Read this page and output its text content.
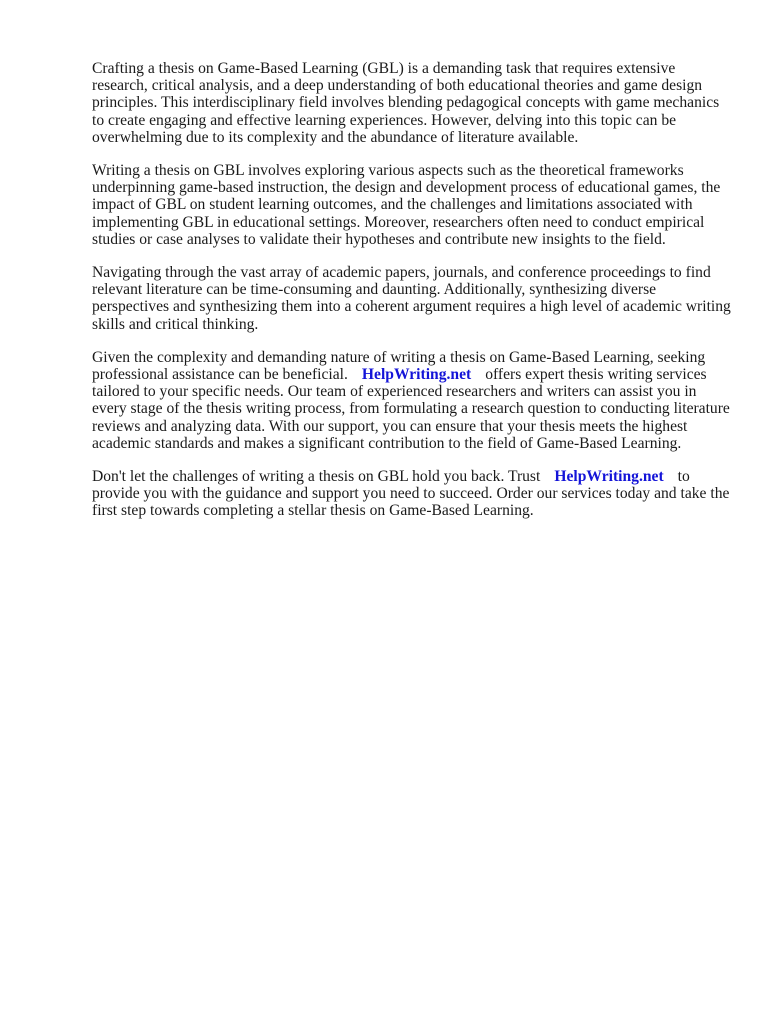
Crafting a thesis on Game-Based Learning (GBL) is a demanding task that requires extensive research, critical analysis, and a deep understanding of both educational theories and game design principles. This interdisciplinary field involves blending pedagogical concepts with game mechanics to create engaging and effective learning experiences. However, delving into this topic can be overwhelming due to its complexity and the abundance of literature available.

Writing a thesis on GBL involves exploring various aspects such as the theoretical frameworks underpinning game-based instruction, the design and development process of educational games, the impact of GBL on student learning outcomes, and the challenges and limitations associated with implementing GBL in educational settings. Moreover, researchers often need to conduct empirical studies or case analyses to validate their hypotheses and contribute new insights to the field.

Navigating through the vast array of academic papers, journals, and conference proceedings to find relevant literature can be time-consuming and daunting. Additionally, synthesizing diverse perspectives and synthesizing them into a coherent argument requires a high level of academic writing skills and critical thinking.

Given the complexity and demanding nature of writing a thesis on Game-Based Learning, seeking professional assistance can be beneficial. HelpWriting.net offers expert thesis writing services tailored to your specific needs. Our team of experienced researchers and writers can assist you in every stage of the thesis writing process, from formulating a research question to conducting literature reviews and analyzing data. With our support, you can ensure that your thesis meets the highest academic standards and makes a significant contribution to the field of Game-Based Learning.

Don't let the challenges of writing a thesis on GBL hold you back. Trust HelpWriting.net to provide you with the guidance and support you need to succeed. Order our services today and take the first step towards completing a stellar thesis on Game-Based Learning.
